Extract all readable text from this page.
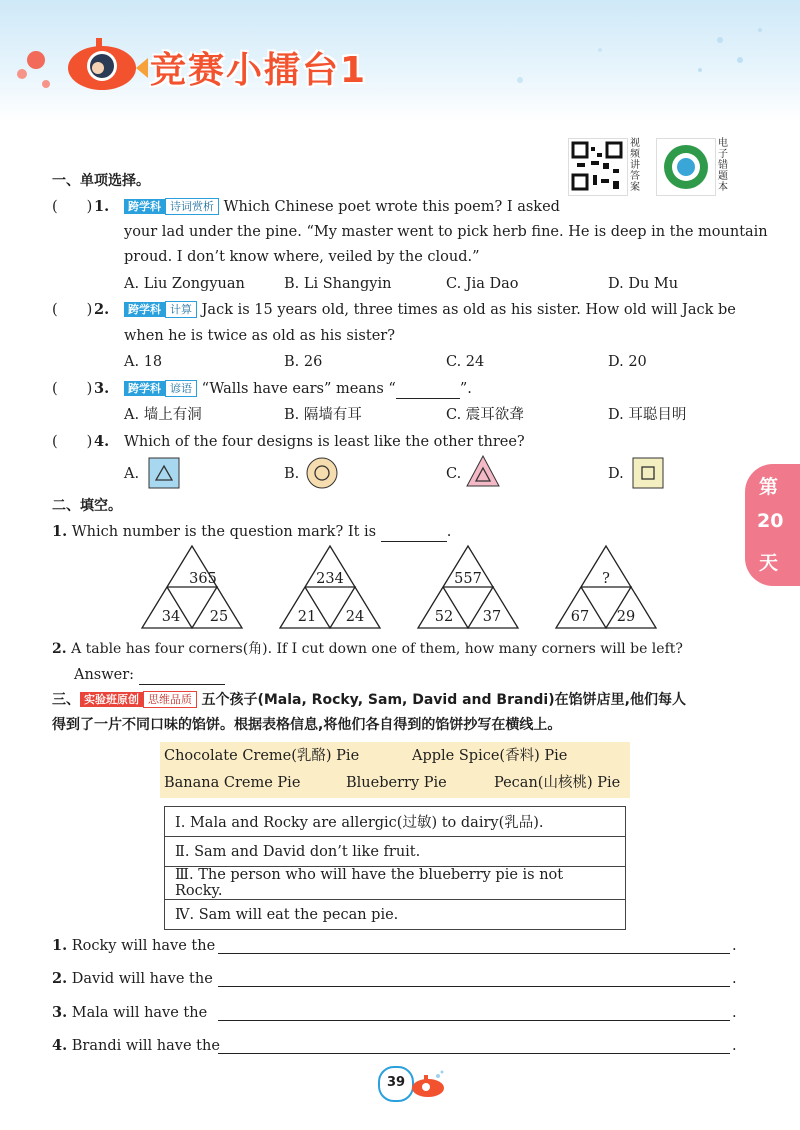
竞赛小擂台1
视频讲答案
电子错题本
第
20
天
一、单项选择。
(　　) 1.	跨学科 诗词赏析 Which Chinese poet wrote this poem? I asked
your lad under the pine. “My master went to pick herb fine. He is deep in the mountain
proud. I don’t know where, veiled by the cloud.”
A. Liu Zongyuan	B. Li Shangyin	C. Jia Dao	D. Du Mu
(　　) 2.	跨学科 计算 Jack is 15 years old, three times as old as his sister. How old will Jack be
when he is twice as old as his sister?
A. 18	B. 26	C. 24	D. 20
(　　) 3.	跨学科 谚语 “Walls have ears” means “	”.
A. 墙上有洞	B. 隔墙有耳	C. 震耳欲聋	D. 耳聪目明
(　　) 4. Which of the four designs is least like the other three?
A.	B.	C.	D.
二、填空。
1. Which number is the question mark? It is	.
365
34 25
234
21 24
557
52 37
?
67 29
2. A table has four corners(角). If I cut down one of them, how many corners will be left?
Answer:
三、 实验班原创 思维品质 五个孩子(Mala, Rocky, Sam, David and Brandi)在馅饼店里,他们每人
得到了一片不同口味的馅饼。根据表格信息,将他们各自得到的馅饼抄写在横线上。
Chocolate Creme(乳酪) Pie	Apple Spice(香料) Pie
Banana Creme Pie	Blueberry Pie	Pecan(山核桃) Pie
Ⅰ. Mala and Rocky are allergic(过敏) to dairy(乳品).
Ⅱ. Sam and David don’t like fruit.
Ⅲ. The person who will have the blueberry pie is not Rocky.
Ⅳ. Sam will eat the pecan pie.
1. Rocky will have the	.
2. David will have the	.
3. Mala will have the	.
4. Brandi will have the	.
39
